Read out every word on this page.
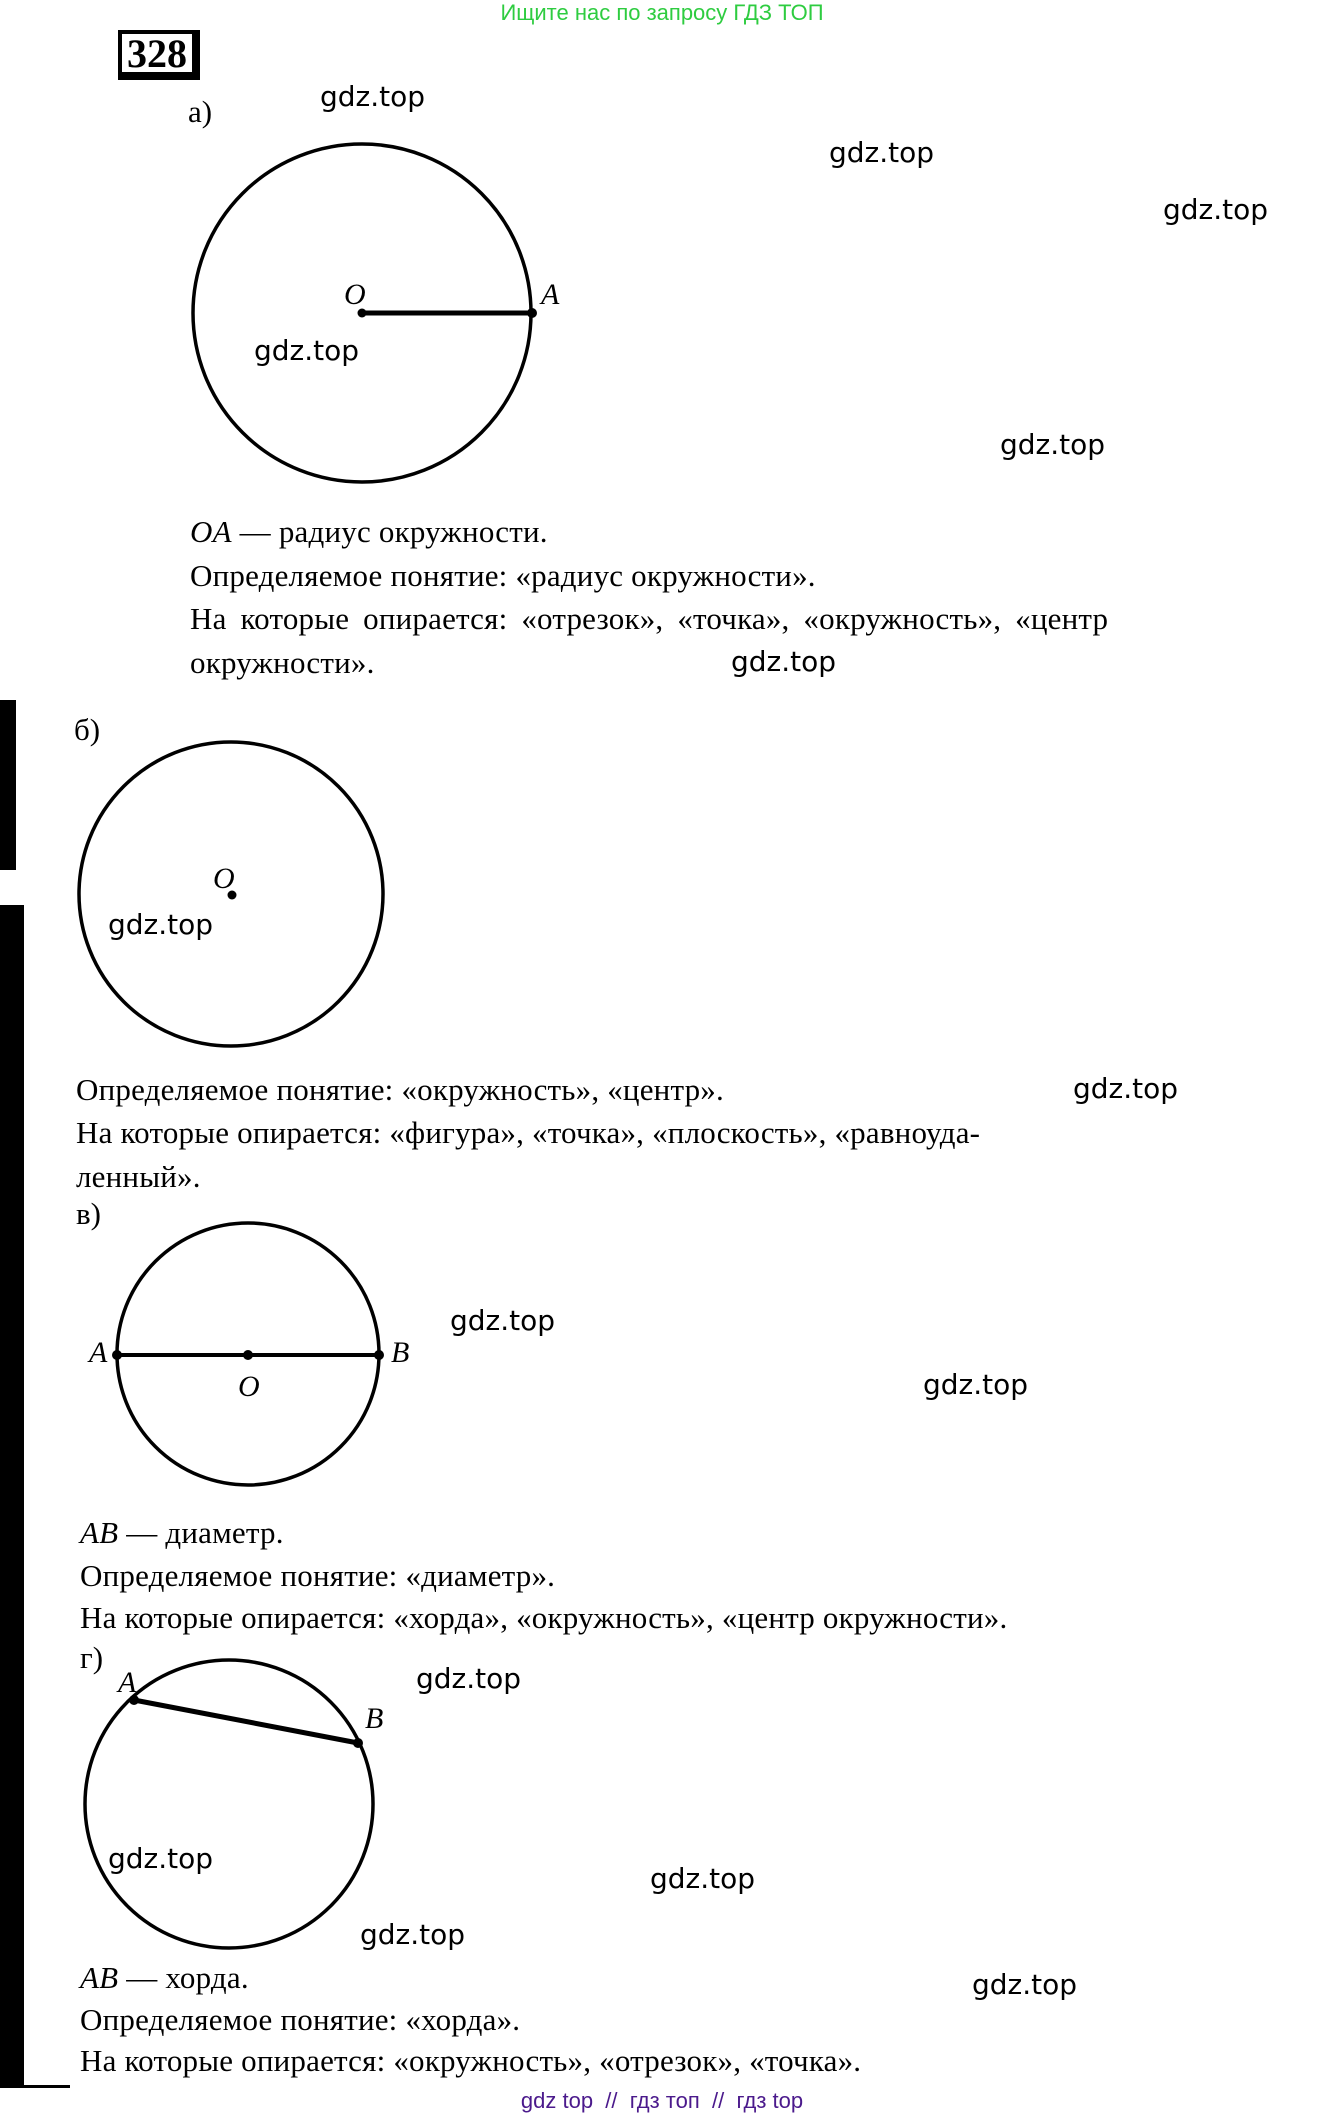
Ищите нас по запросу ГДЗ ТОП
328
O	A
O
A
O
B
A
B
а)
б)
в)
г)
OA — радиус окружности.
Определяемое понятие: «радиус окружности».
На которые опирается: «отрезок», «точка», «окружность», «центр
окружности».
Определяемое понятие: «окружность», «центр».
На которые опирается: «фигура», «точка», «плоскость», «равноуда-
ленный».
AB — диаметр.
Определяемое понятие: «диаметр».
На которые опирается: «хорда», «окружность», «центр окружности».
AB — хорда.
Определяемое понятие: «хорда».
На которые опирается: «окружность», «отрезок», «точка».
gdz.top
gdz.top
gdz.top
gdz.top
gdz.top
gdz.top
gdz.top
gdz.top
gdz.top
gdz.top
gdz.top
gdz.top
gdz.top
gdz.top
gdz.top
gdz top  //  гдз топ  //  гдз top
